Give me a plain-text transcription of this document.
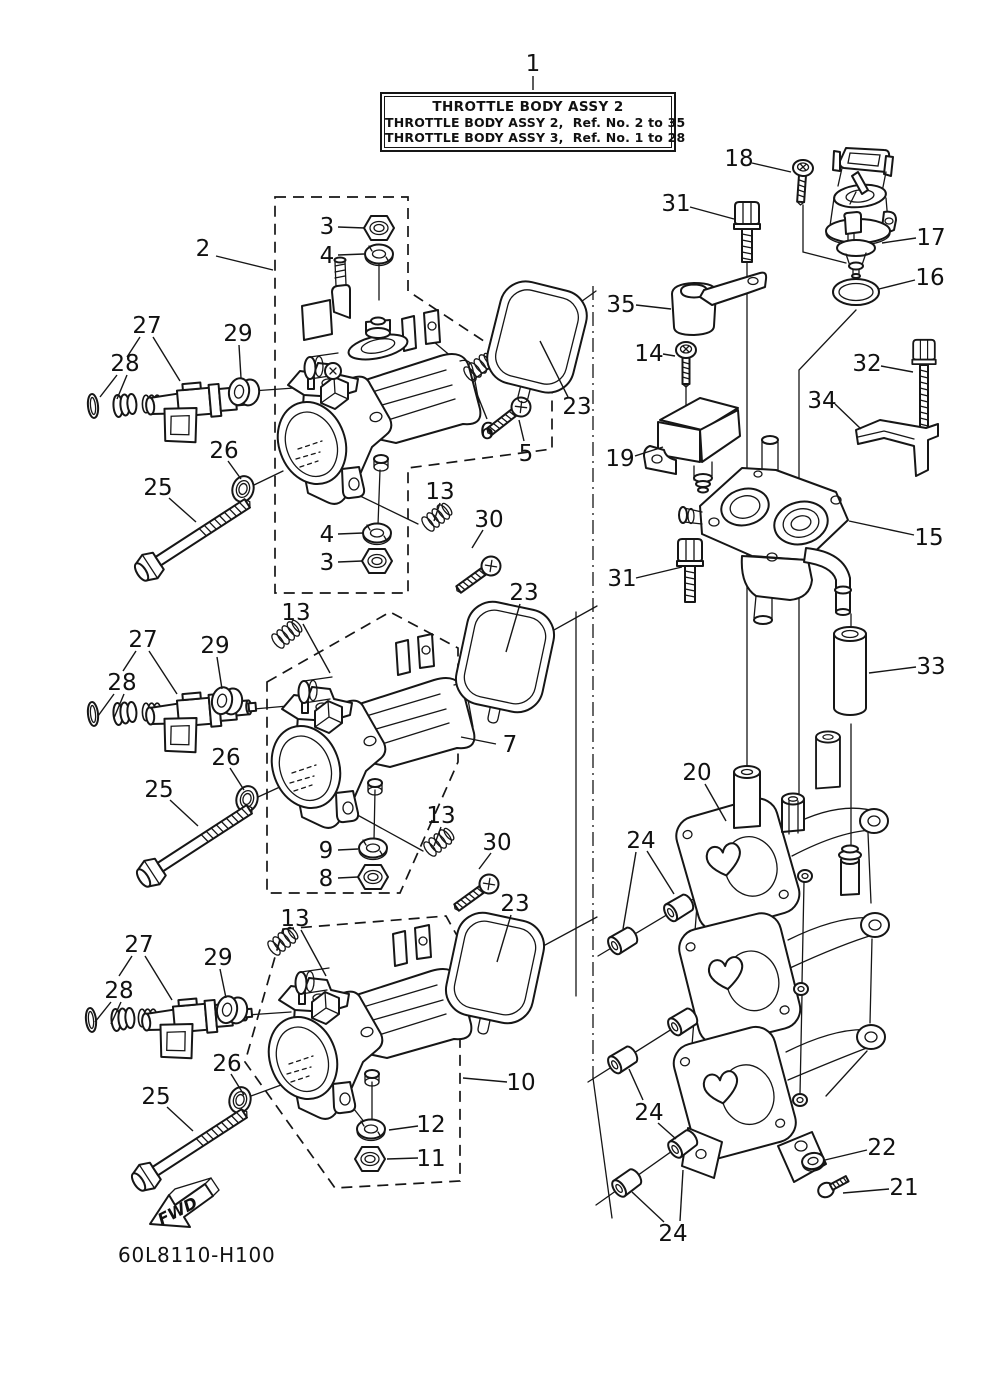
FWD
1
2
3
4
27
28
29
26
25	13
30
6
5
23
4
3
18
31
17
16
35
14
19
32
34
15
31
33
20
24
23
7
13
9
8
13
30
27
28
29
26
25
23
10
13
27
28
29
26
25
12
11
24
22
21
24
THROTTLE BODY ASSY 2
THROTTLE BODY ASSY 2,  Ref. No. 2 to 35
THROTTLE BODY ASSY 3,  Ref. No. 1 to 28
60L8110-H100
